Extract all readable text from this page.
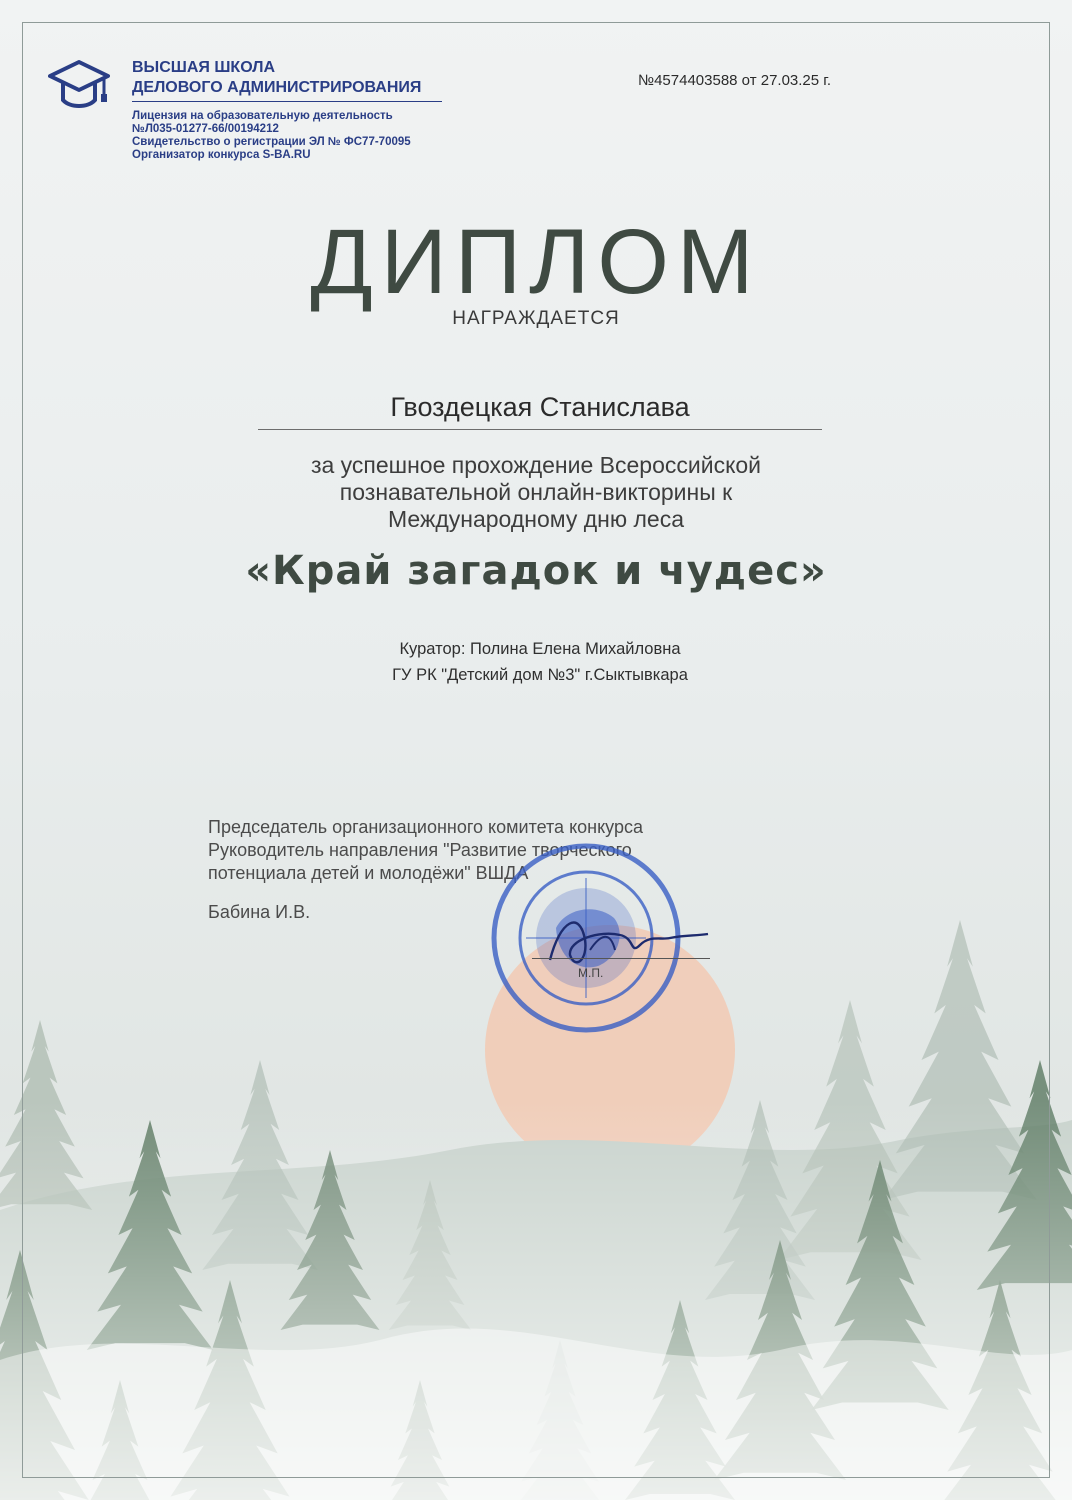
ВЫСШАЯ ШКОЛА
ДЕЛОВОГО АДМИНИСТРИРОВАНИЯ
Лицензия на образовательную деятельность
№Л035-01277-66/00194212
Свидетельство о регистрации ЭЛ № ФС77-70095
Организатор конкурса S-BA.RU
№4574403588 от 27.03.25 г.
ДИПЛОМ
НАГРАЖДАЕТСЯ
Гвоздецкая Станислава
за успешное прохождение Всероссийской
познавательной онлайн-викторины к
Международному дню леса
«Край загадок и чудес»
Куратор: Полина Елена Михайловна
ГУ РК "Детский дом №3" г.Сыктывкара
Председатель организационного комитета конкурса
Руководитель направления "Развитие творческого
потенциала детей и молодёжи" ВШДА
Бабина И.В.
М.П.
